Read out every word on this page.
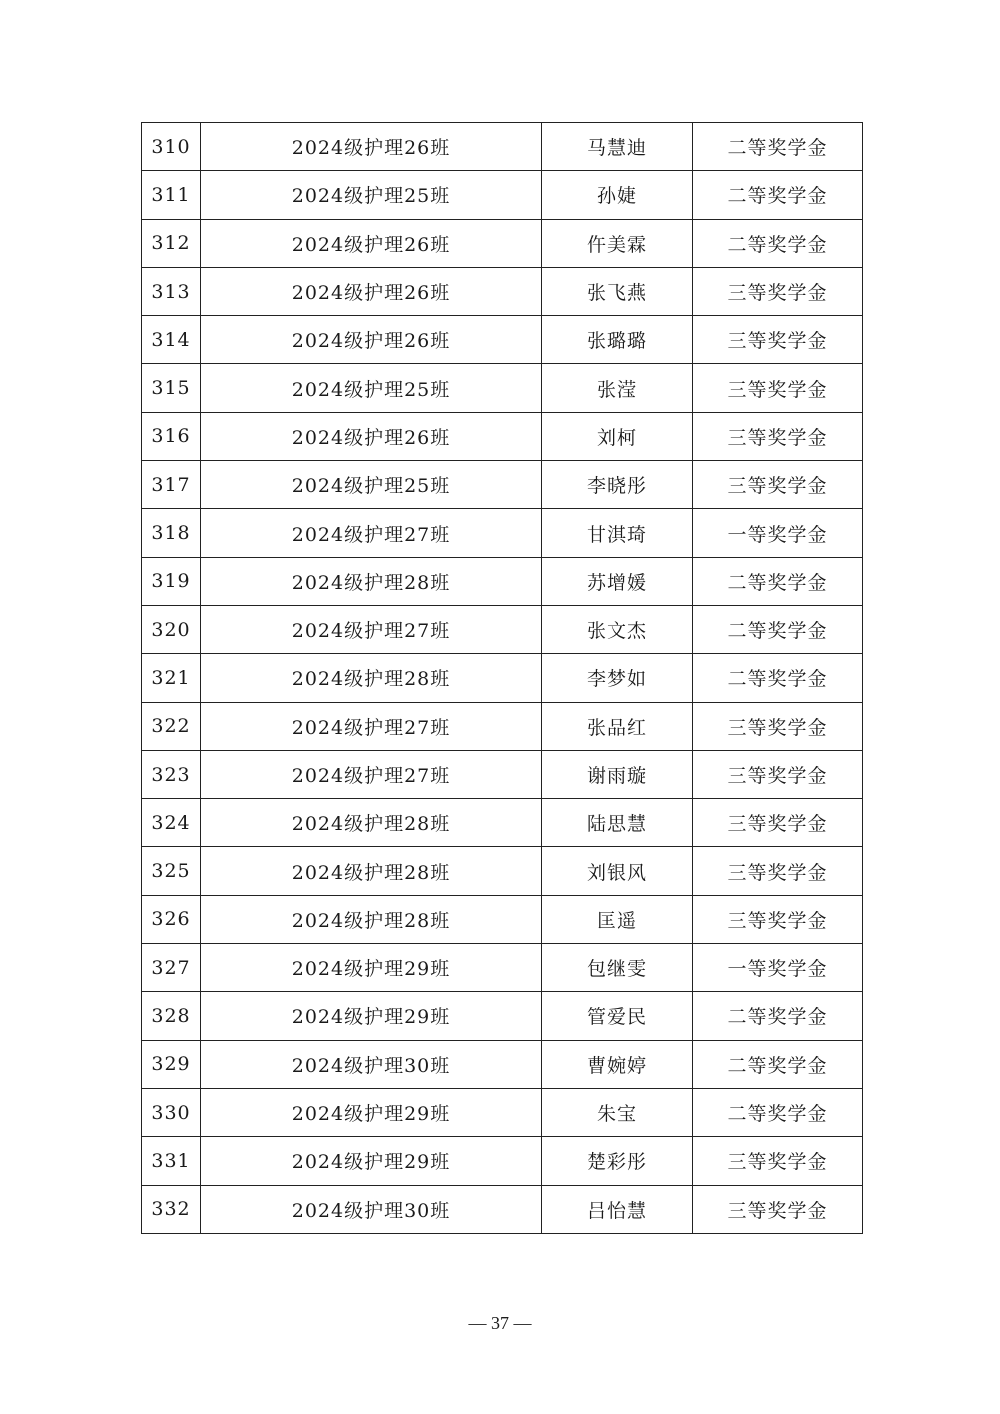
310	2024级护理26班	马慧迪	二等奖学金
311	2024级护理25班	孙婕	二等奖学金
312	2024级护理26班	仵美霖	二等奖学金
313	2024级护理26班	张飞燕	三等奖学金
314	2024级护理26班	张璐璐	三等奖学金
315	2024级护理25班	张滢	三等奖学金
316	2024级护理26班	刘柯	三等奖学金
317	2024级护理25班	李晓彤	三等奖学金
318	2024级护理27班	甘淇琦	一等奖学金
319	2024级护理28班	苏增媛	二等奖学金
320	2024级护理27班	张文杰	二等奖学金
321	2024级护理28班	李梦如	二等奖学金
322	2024级护理27班	张品红	三等奖学金
323	2024级护理27班	谢雨璇	三等奖学金
324	2024级护理28班	陆思慧	三等奖学金
325	2024级护理28班	刘银风	三等奖学金
326	2024级护理28班	匡遥	三等奖学金
327	2024级护理29班	包继雯	一等奖学金
328	2024级护理29班	管爱民	二等奖学金
329	2024级护理30班	曹婉婷	二等奖学金
330	2024级护理29班	朱宝	二等奖学金
331	2024级护理29班	楚彩彤	三等奖学金
332	2024级护理30班	吕怡慧	三等奖学金
— 37 —
